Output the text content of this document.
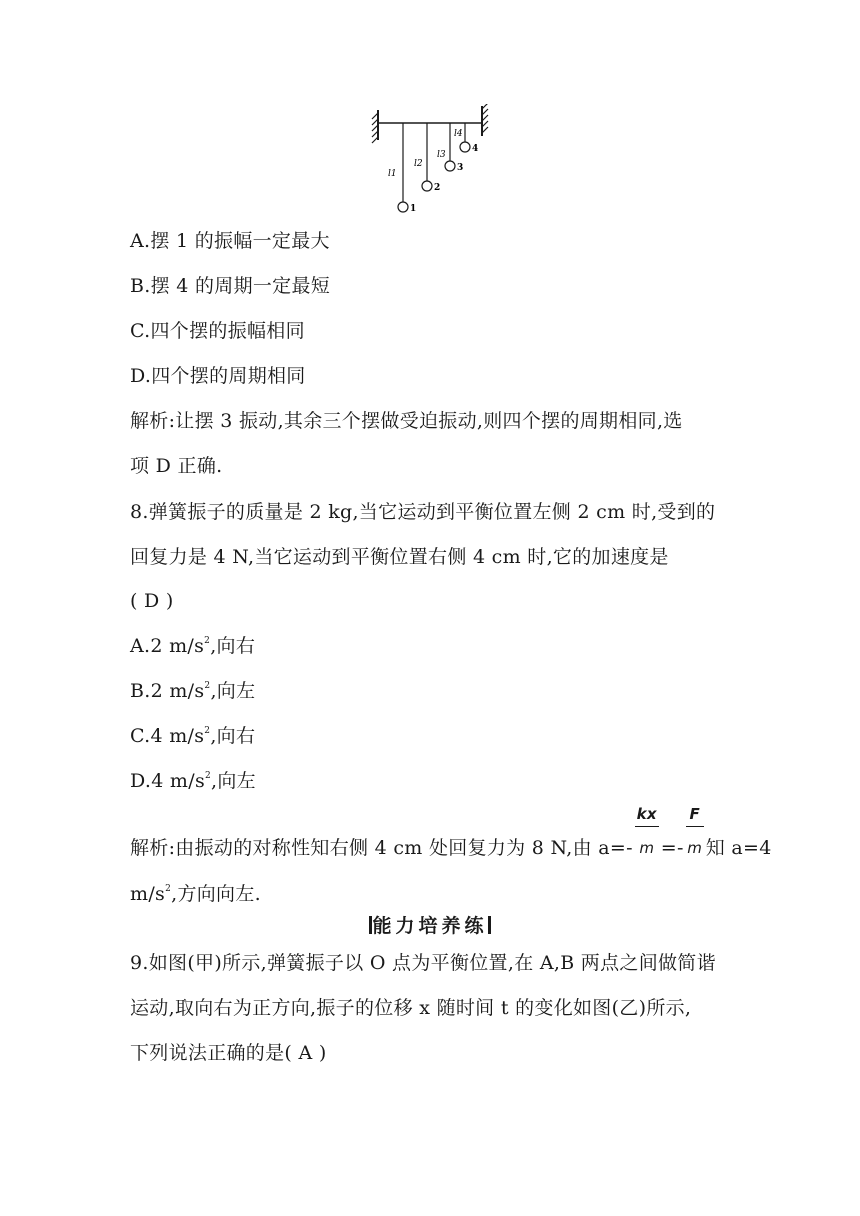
l1
l2
l3
l4
1
2
3
4
A.摆 1 的振幅一定最大
B.摆 4 的周期一定最短
C.四个摆的振幅相同
D.四个摆的周期相同
解析:让摆 3 振动,其余三个摆做受迫振动,则四个摆的周期相同,选
项 D 正确.
8.弹簧振子的质量是 2 kg,当它运动到平衡位置左侧 2 cm 时,受到的
回复力是 4 N,当它运动到平衡位置右侧 4 cm 时,它的加速度是
( D )
A.2 $m/s^2$,向右
B.2 $m/s^2$,向左
C.4 $m/s^2$,向右
D.4 $m/s^2$,向左
解析:由振动的对称性知右侧 4 cm 处回复力为 8 N,由 $a=- \frac{kx}{m} =- \frac{F}{m}$ 知 a=4
$m/s^2$,方向向左.
能力培养练
9.如图(甲)所示,弹簧振子以 O 点为平衡位置,在 A,B 两点之间做简谐
运动,取向右为正方向,振子的位移 x 随时间 t 的变化如图(乙)所示,
下列说法正确的是( A )
